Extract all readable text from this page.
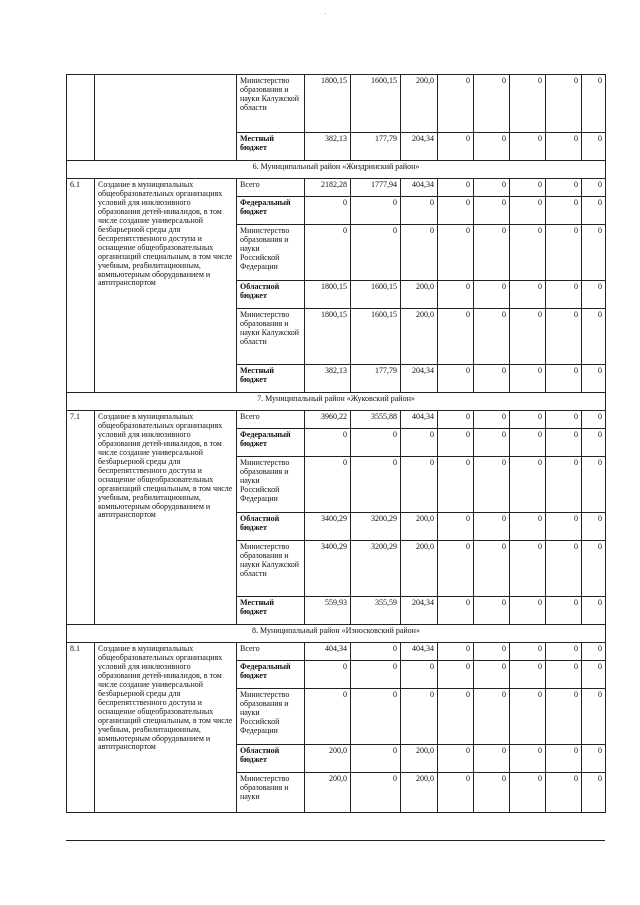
·
		Министерство образования и науки Калужской области	1800,15	1600,15	200,0	0	0	0	0	0
		Местный бюджет	382,13	177,79	204,34	0	0	0	0	0
6. Муниципальный район «Жиздринский район»										
6.1	Создание в муниципальных общеобразовательных организациях условий для инклюзивного образования детей-инвалидов, в том числе создание универсальной безбарьерной среды для беспрепятственного доступа и оснащение общеобразовательных организаций специальным, в том числе учебным, реабилитационным, компьютерным оборудованием и автотранспортом	Всего	2182,28	1777,94	404,34	0	0	0	0	0
		Федеральный бюджет	0	0	0	0	0	0	0	0
		Министерство образования и науки Российской Федерации	0	0	0	0	0	0	0	0
		Областной бюджет	1800,15	1600,15	200,0	0	0	0	0	0
		Министерство образования и науки Калужской области	1800,15	1600,15	200,0	0	0	0	0	0
		Местный бюджет	382,13	177,79	204,34	0	0	0	0	0
7. Муниципальный район «Жуковский район»										
7.1	Создание в муниципальных общеобразовательных организациях условий для инклюзивного образования детей-инвалидов, в том числе создание универсальной безбарьерной среды для беспрепятственного доступа и оснащение общеобразовательных организаций специальным, в том числе учебным, реабилитационным, компьютерным оборудованием и автотранспортом	Всего	3960,22	3555,88	404,34	0	0	0	0	0
		Федеральный бюджет	0	0	0	0	0	0	0	0
		Министерство образования и науки Российской Федерации	0	0	0	0	0	0	0	0
		Областной бюджет	3400,29	3200,29	200,0	0	0	0	0	0
		Министерство образования и науки Калужской области	3400,29	3200,29	200,0	0	0	0	0	0
		Местный бюджет	559,93	355,59	204,34	0	0	0	0	0
8. Муниципальный район «Износковский район»										
8.1	Создание в муниципальных общеобразовательных организациях условий для инклюзивного образования детей-инвалидов, в том числе создание универсальной безбарьерной среды для беспрепятственного доступа и оснащение общеобразовательных организаций специальным, в том числе учебным, реабилитационным, компьютерным оборудованием и автотранспортом	Всего	404,34	0	404,34	0	0	0	0	0
		Федеральный бюджет	0	0	0	0	0	0	0	0
		Министерство образования и науки Российской Федерации	0	0	0	0	0	0	0	0
		Областной бюджет	200,0	0	200,0	0	0	0	0	0
		Министерство образования и науки	200,0	0	200,0	0	0	0	0	0
